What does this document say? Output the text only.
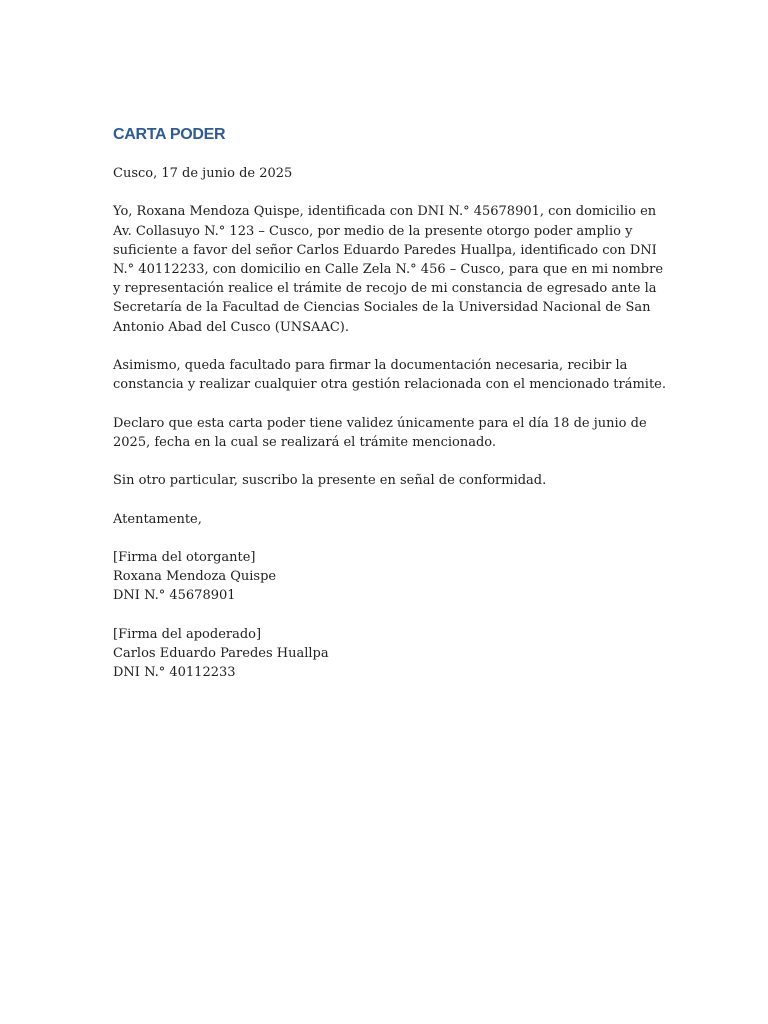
CARTA PODER

Cusco, 17 de junio de 2025

Yo, Roxana Mendoza Quispe, identificada con DNI N.° 45678901, con domicilio en Av. Collasuyo N.° 123 – Cusco, por medio de la presente otorgo poder amplio y suficiente a favor del señor Carlos Eduardo Paredes Huallpa, identificado con DNI N.° 40112233, con domicilio en Calle Zela N.° 456 – Cusco, para que en mi nombre y representación realice el trámite de recojo de mi constancia de egresado ante la Secretaría de la Facultad de Ciencias Sociales de la Universidad Nacional de San Antonio Abad del Cusco (UNSAAC).

Asimismo, queda facultado para firmar la documentación necesaria, recibir la constancia y realizar cualquier otra gestión relacionada con el mencionado trámite.

Declaro que esta carta poder tiene validez únicamente para el día 18 de junio de 2025, fecha en la cual se realizará el trámite mencionado.

Sin otro particular, suscribo la presente en señal de conformidad.

Atentamente,

[Firma del otorgante]
Roxana Mendoza Quispe
DNI N.° 45678901

[Firma del apoderado]
Carlos Eduardo Paredes Huallpa
DNI N.° 40112233
